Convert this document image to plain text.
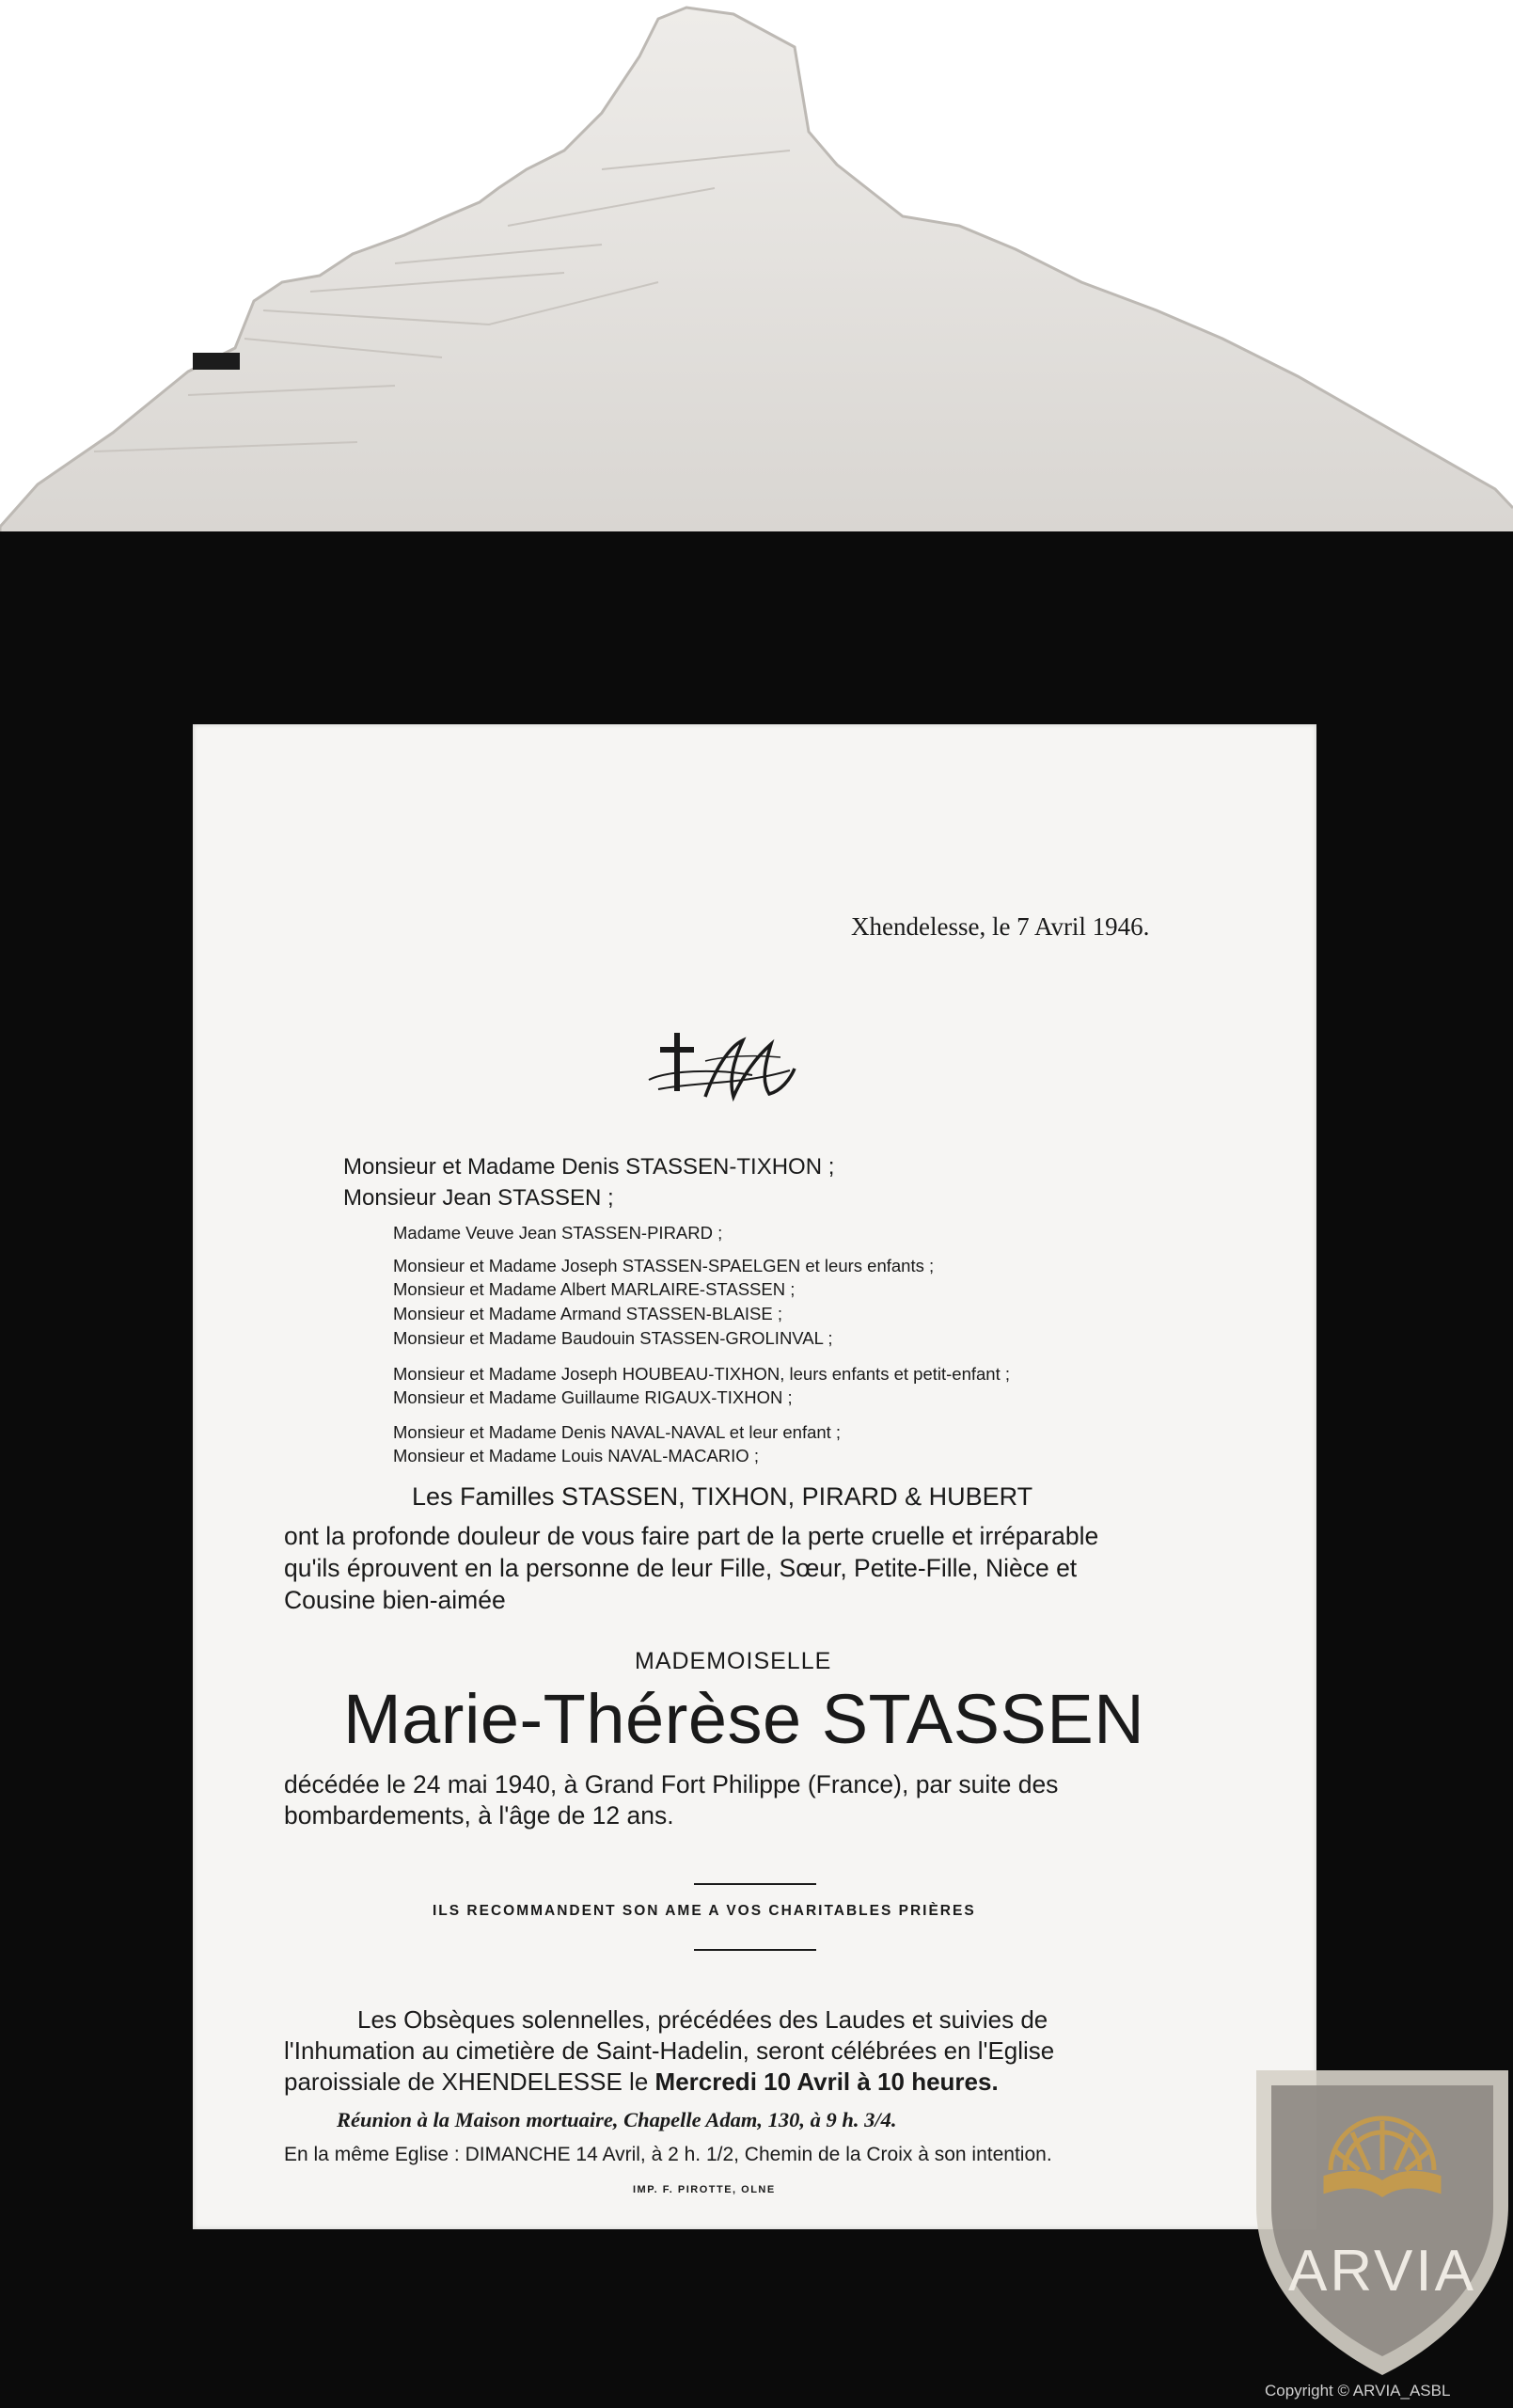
Xhendelesse, le 7 Avril 1946.
Monsieur et Madame Denis STASSEN-TIXHON ;
Monsieur Jean STASSEN ;
Madame Veuve Jean STASSEN-PIRARD ;
Monsieur et Madame Joseph STASSEN-SPAELGEN et leurs enfants ;
Monsieur et Madame Albert MARLAIRE-STASSEN ;
Monsieur et Madame Armand STASSEN-BLAISE ;
Monsieur et Madame Baudouin STASSEN-GROLINVAL ;
Monsieur et Madame Joseph HOUBEAU-TIXHON, leurs enfants et petit-enfant ;
Monsieur et Madame Guillaume RIGAUX-TIXHON ;
Monsieur et Madame Denis NAVAL-NAVAL et leur enfant ;
Monsieur et Madame Louis NAVAL-MACARIO ;
Les Familles STASSEN, TIXHON, PIRARD & HUBERT
ont la profonde douleur de vous faire part de la perte cruelle et irréparable
qu'ils éprouvent en la personne de leur Fille, Sœur, Petite-Fille, Nièce et
Cousine bien-aimée
MADEMOISELLE
Marie-Thérèse STASSEN
décédée le 24 mai 1940, à Grand Fort Philippe (France), par suite des
bombardements, à l'âge de 12 ans.
ILS RECOMMANDENT SON AME A VOS CHARITABLES PRIÈRES
Les Obsèques solennelles, précédées des Laudes et suivies de
l'Inhumation au cimetière de Saint-Hadelin, seront célébrées en l'Eglise
paroissiale de XHENDELESSE le Mercredi 10 Avril à 10 heures.
Réunion à la Maison mortuaire, Chapelle Adam, 130, à 9 h. 3/4.
En la même Eglise : DIMANCHE 14 Avril, à 2 h. 1/2, Chemin de la Croix à son intention.
IMP. F. PIROTTE, OLNE
ARVIA
Copyright © ARVIA_ASBL
